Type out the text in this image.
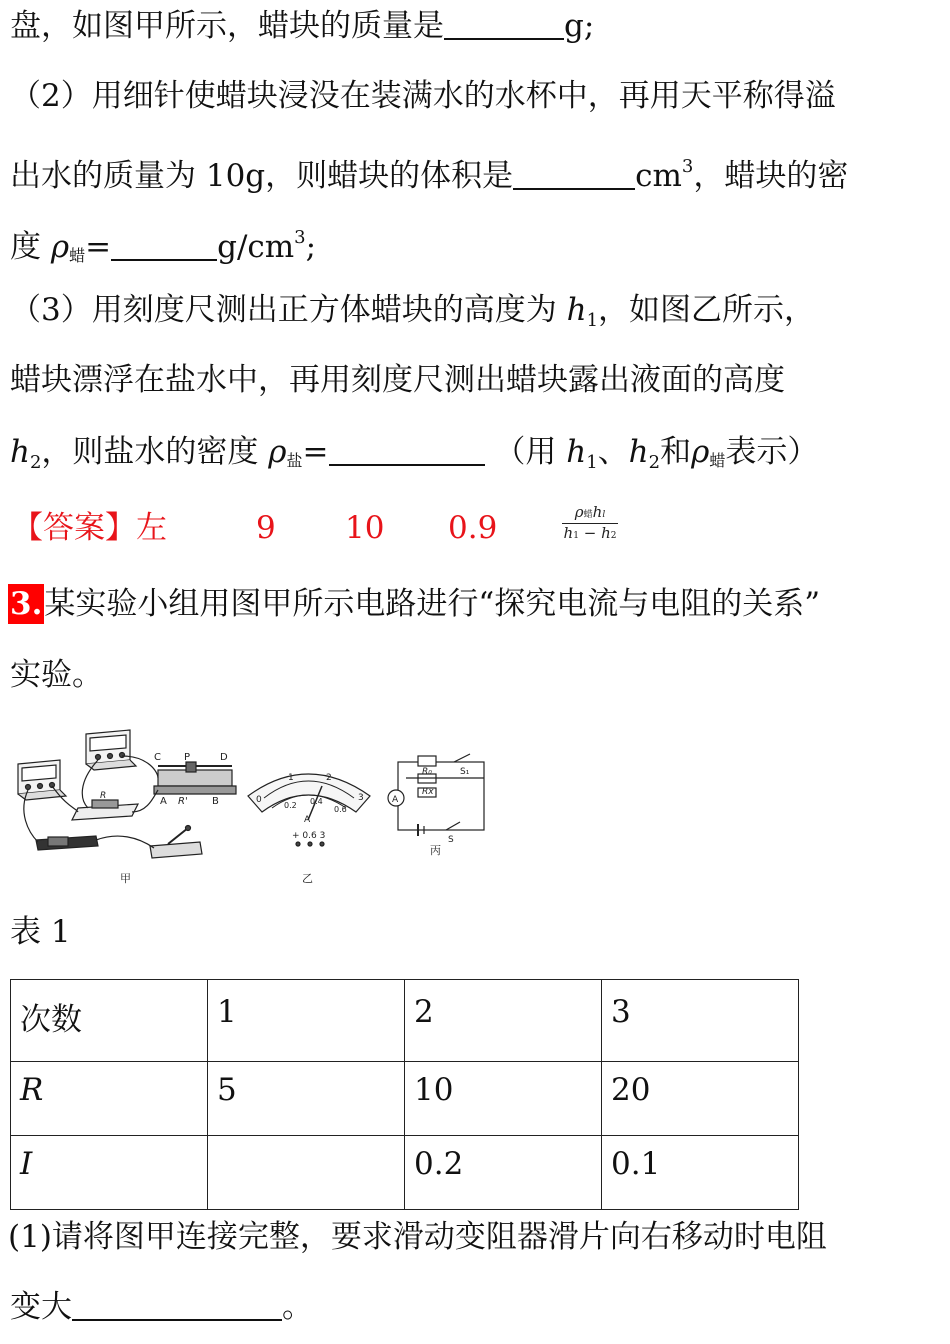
盘，如图甲所示，蜡块的质量是	g;
（2）用细针使蜡块浸没在装满水的水杯中，再用天平称得溢
出水的质量为 10g，则蜡块的体积是	$cm^3$，蜡块的密
度 ρ蜡=	$g/cm^3$;
（3）用刻度尺测出正方体蜡块的高度为 $h_1$，如图乙所示，
蜡块漂浮在盐水中，再用刻度尺测出蜡块露出液面的高度
$h_2$，则盐水的密度 ρ盐=	（用 $h_1$、$h_2$和ρ蜡表示）
【答案】左	9 10 0.9	ρ蜡hl
h1 − h2
3.某实验小组用图甲所示电路进行“探究电流与电阻的关系”
实验。
R
C P	D
A R' B
甲
0
1	2
3
0.2 0.4
0.6
A
+ 0.6 3
乙
A
R₀
Rx
S₁
S
丙
表 1
次数	1	2	3
R	5	10	20
I		0.2	0.1
(1)请将图甲连接完整，要求滑动变阻器滑片向右移动时电阻
变大	。
